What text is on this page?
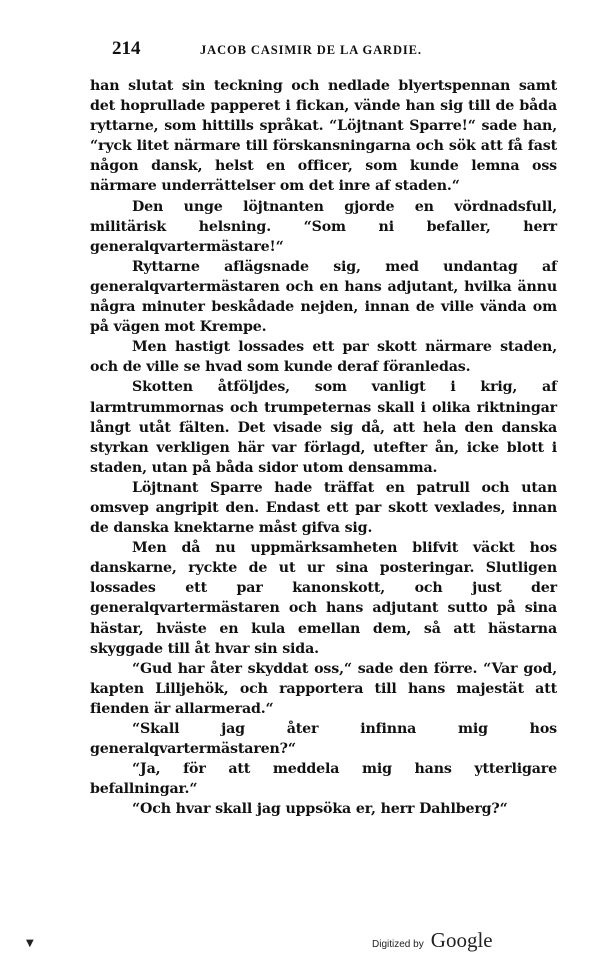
214	JACOB CASIMIR DE LA GARDIE.

han slutat sin teckning och nedlade blyertspennan samt det hoprullade papperet i fickan, vände han sig till de båda ryttarne, som hittills språkat. “Löjtnant Sparre!“ sade han, “ryck litet närmare till förskansningarna och sök att få fast någon dansk, helst en officer, som kunde lemna oss närmare underrättelser om det inre af staden.“

Den unge löjtnanten gjorde en vördnadsfull, militärisk helsning. “Som ni befaller, herr generalqvartermästare!“

Ryttarne aflägsnade sig, med undantag af generalqvartermästaren och en hans adjutant, hvilka ännu några minuter beskådade nejden, innan de ville vända om på vägen mot Krempe.

Men hastigt lossades ett par skott närmare staden, och de ville se hvad som kunde deraf föranledas.

Skotten åtföljdes, som vanligt i krig, af larmtrummornas och trumpeternas skall i olika riktningar långt utåt fälten. Det visade sig då, att hela den danska styrkan verkligen här var förlagd, utefter ån, icke blott i staden, utan på båda sidor utom densamma.

Löjtnant Sparre hade träffat en patrull och utan omsvep angripit den. Endast ett par skott vexlades, innan de danska knektarne måst gifva sig.

Men då nu uppmärksamheten blifvit väckt hos danskarne, ryckte de ut ur sina posteringar. Slutligen lossades ett par kanonskott, och just der generalqvartermästaren och hans adjutant sutto på sina hästar, hväste en kula emellan dem, så att hästarna skyggade till åt hvar sin sida.

“Gud har åter skyddat oss,“ sade den förre. “Var god, kapten Lilljehök, och rapportera till hans majestät att fienden är allarmerad.“

“Skall jag åter infinna mig hos generalqvartermästaren?“

“Ja, för att meddela mig hans ytterligare befallningar.“

“Och hvar skall jag uppsöka er, herr Dahlberg?“

▼	Digitized by Google
